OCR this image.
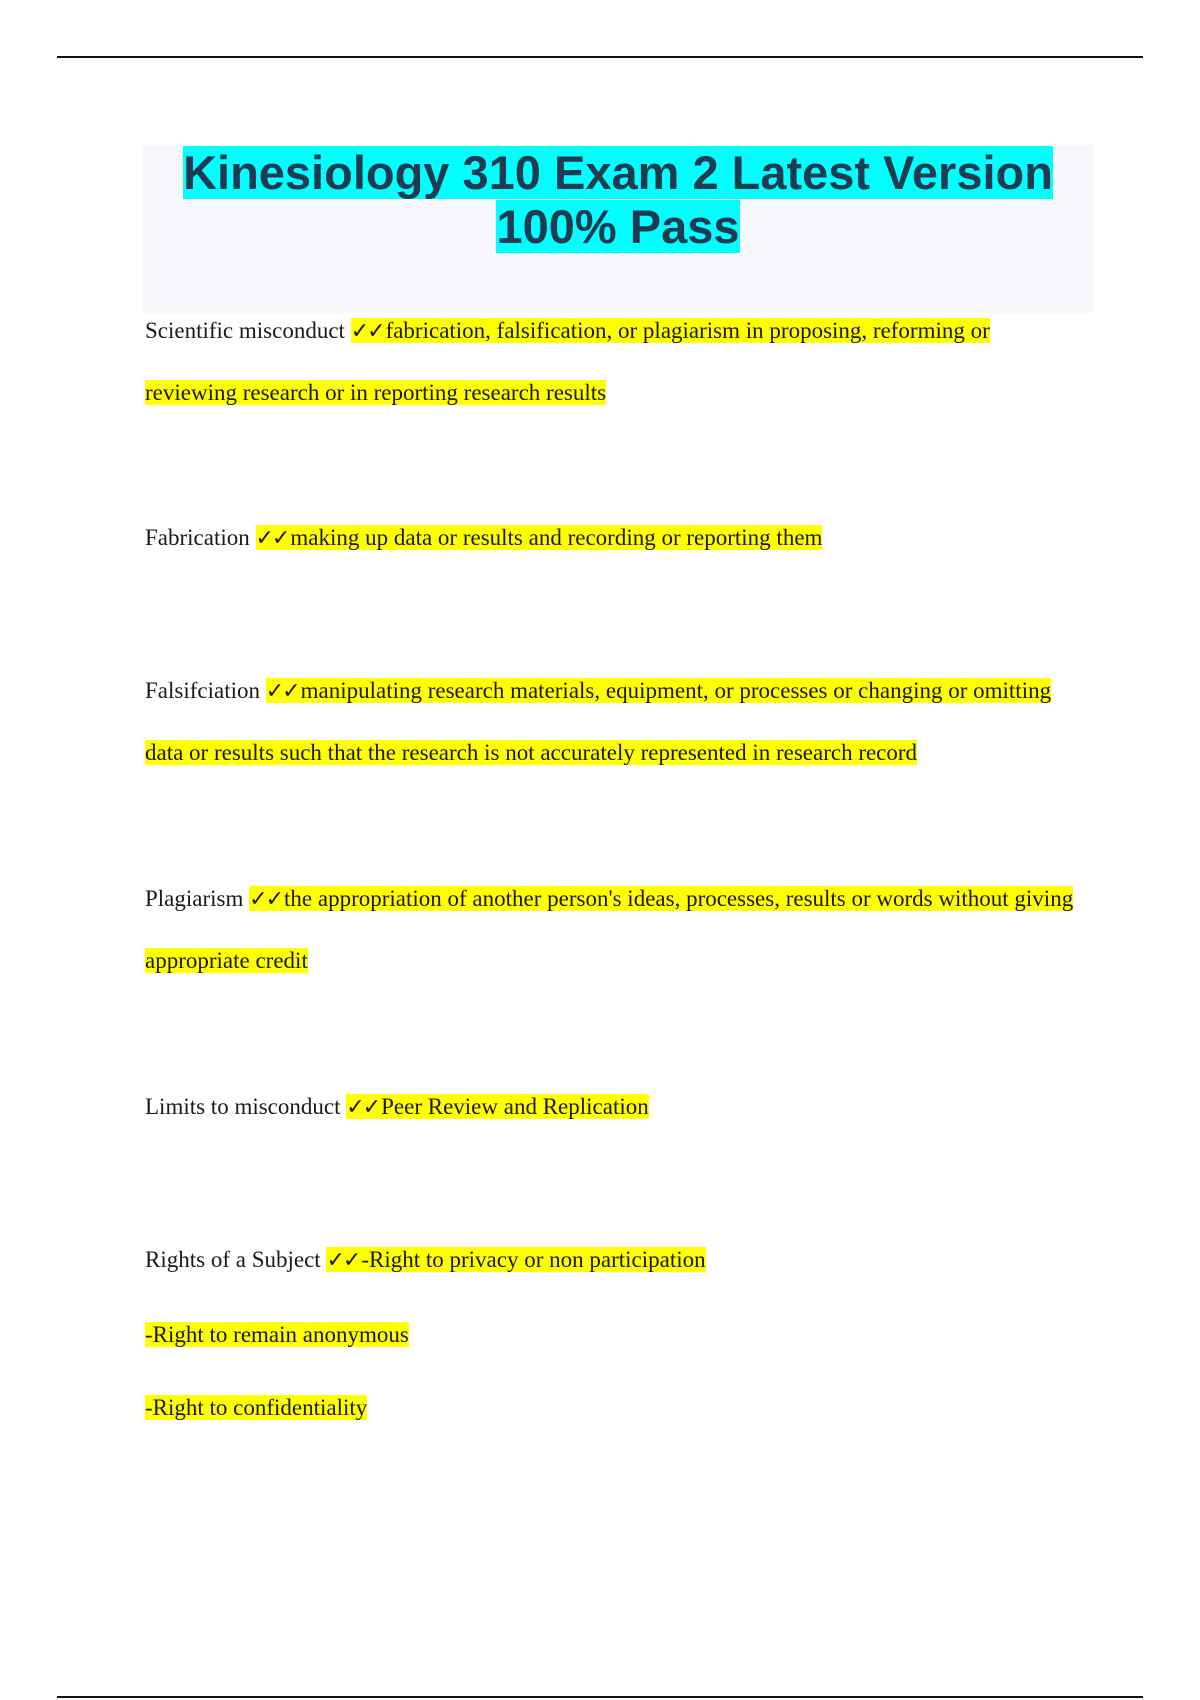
Kinesiology 310 Exam 2 Latest Version 100% Pass

Scientific misconduct ✓✓fabrication, falsification, or plagiarism in proposing, reforming or reviewing research or in reporting research results

Fabrication ✓✓making up data or results and recording or reporting them

Falsifciation ✓✓manipulating research materials, equipment, or processes or changing or omitting data or results such that the research is not accurately represented in research record

Plagiarism ✓✓the appropriation of another person's ideas, processes, results or words without giving appropriate credit

Limits to misconduct ✓✓Peer Review and Replication

Rights of a Subject ✓✓-Right to privacy or non participation

-Right to remain anonymous

-Right to confidentiality
